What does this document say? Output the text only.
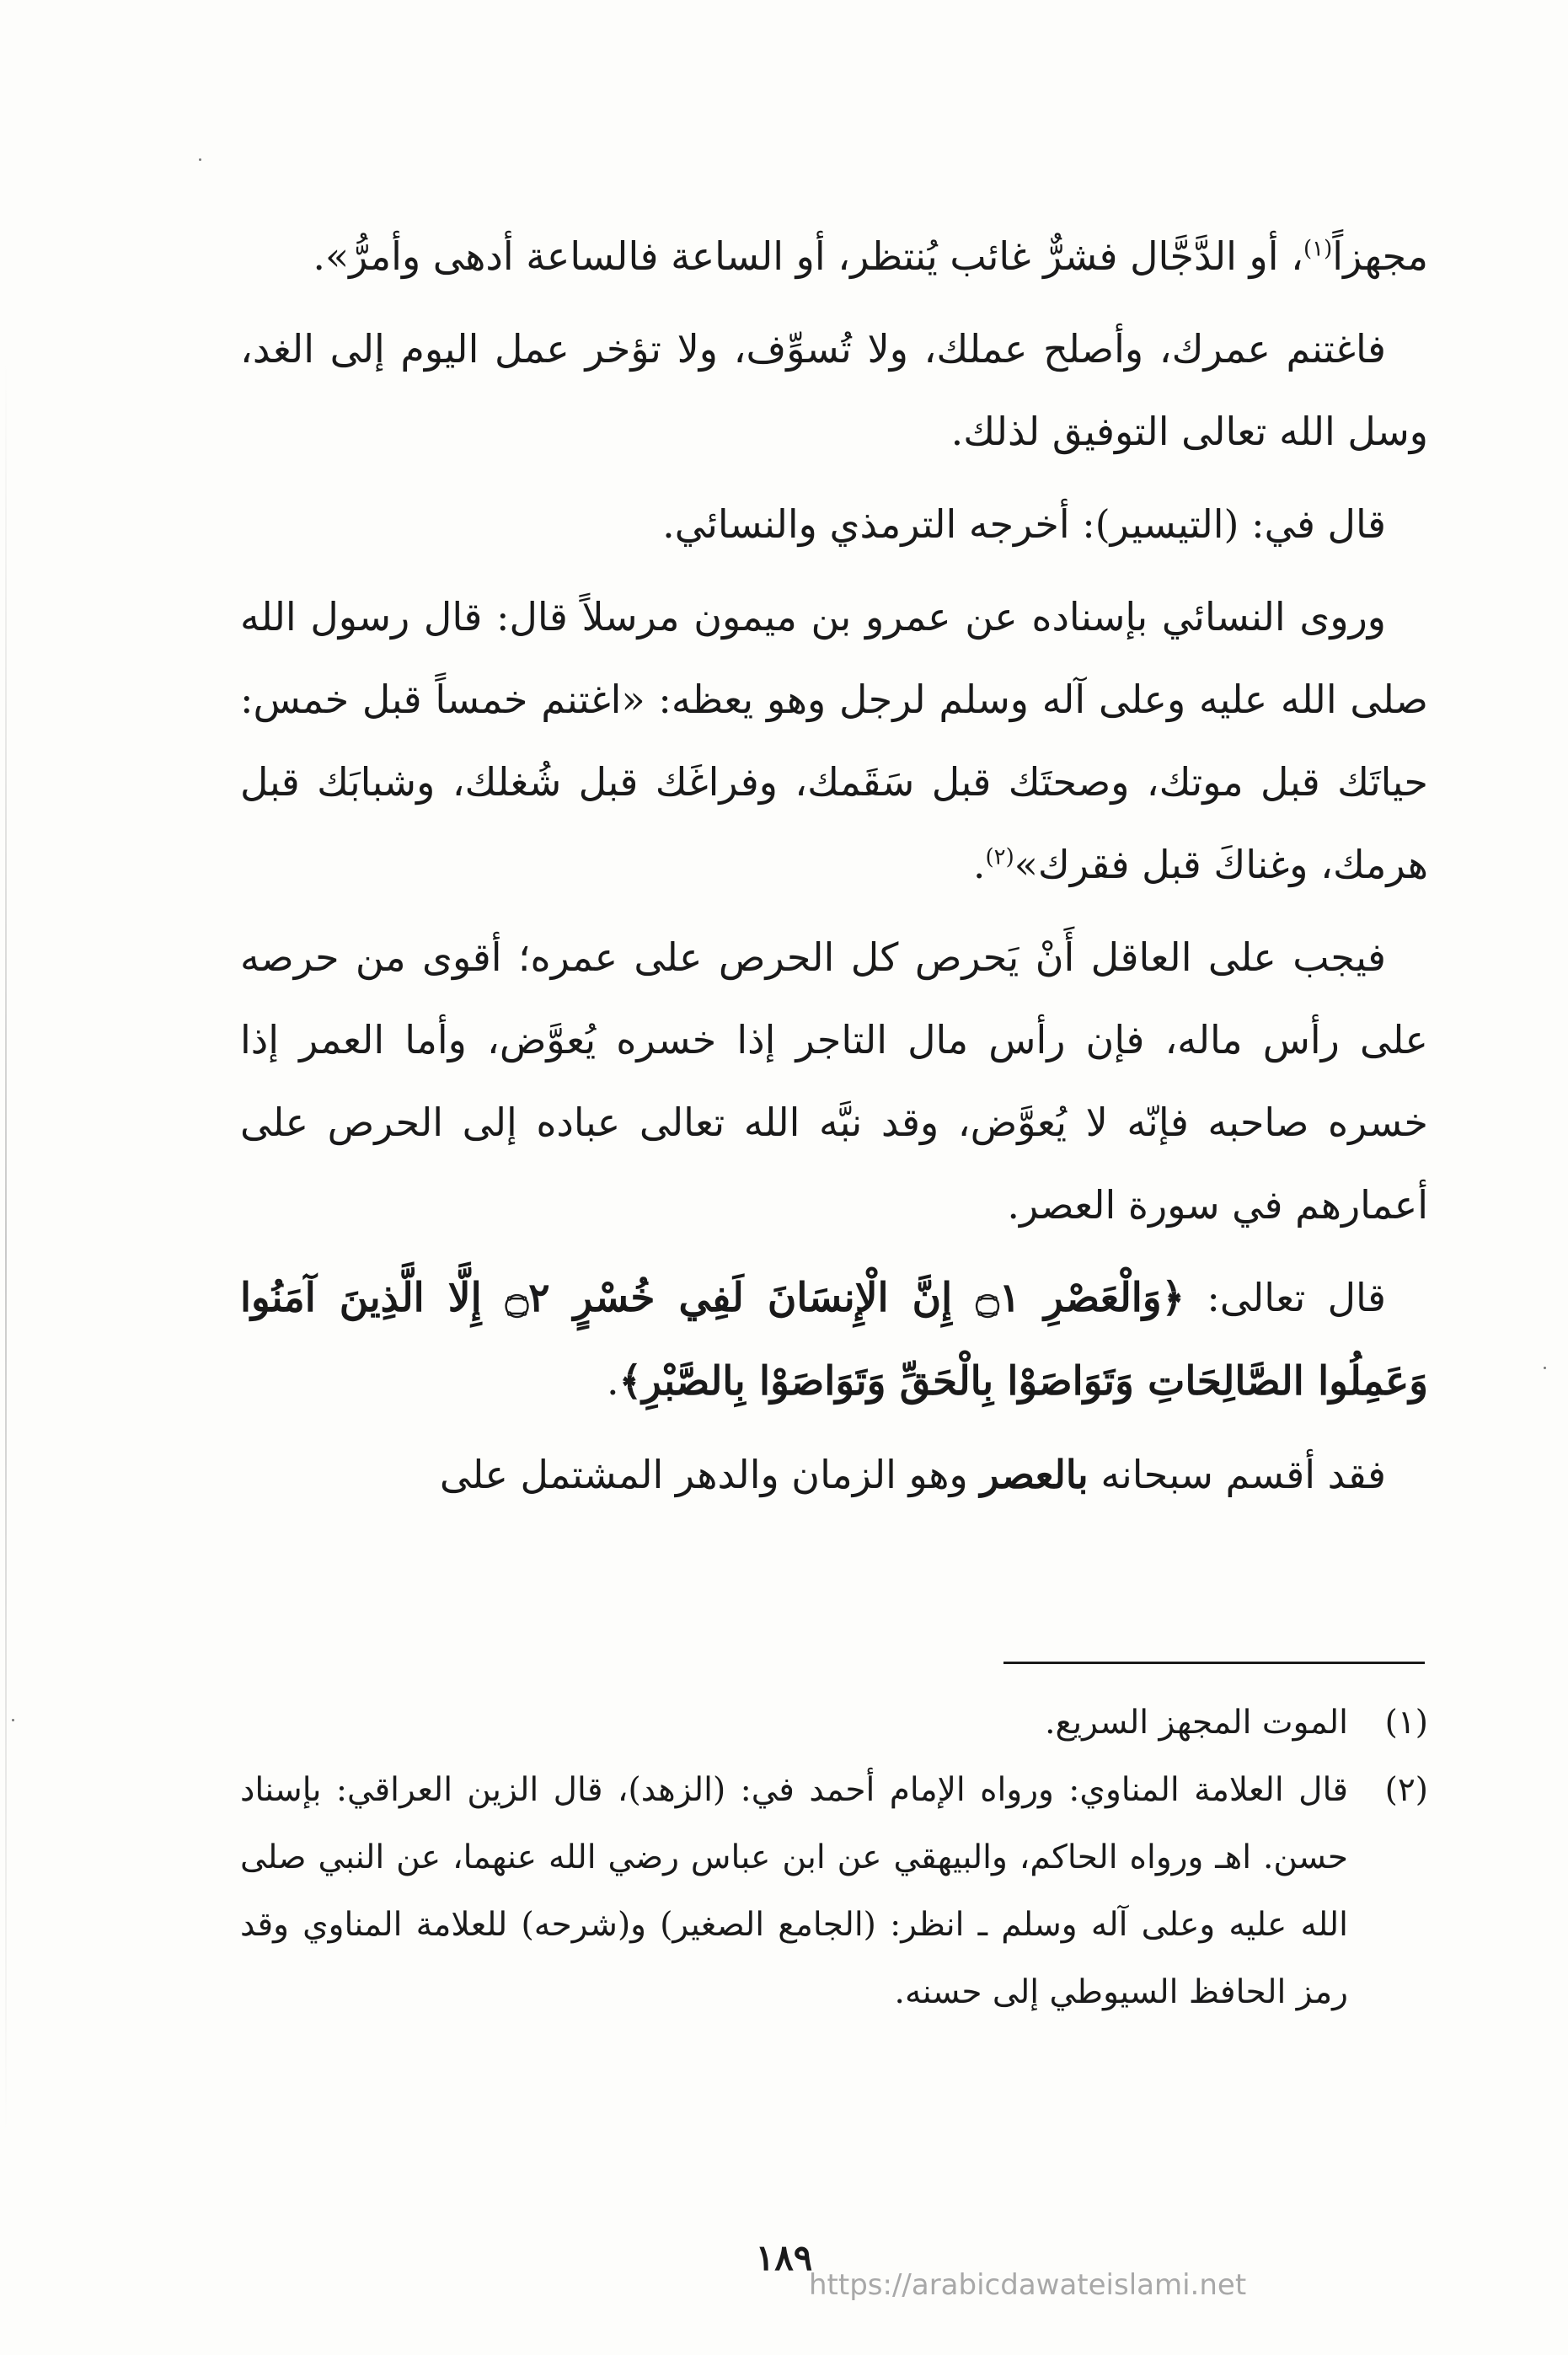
مجهزاً$^{(١)}$، أو الدَّجَّال فشرٌّ غائب يُنتظر، أو الساعة فالساعة أدهى وأمرُّ».

فاغتنم عمرك، وأصلح عملك، ولا تُسوِّف، ولا تؤخر عمل اليوم إلى الغد، وسل الله تعالى التوفيق لذلك.

قال في: (التيسير): أخرجه الترمذي والنسائي.

وروى النسائي بإسناده عن عمرو بن ميمون مرسلاً قال: قال رسول الله صلى الله عليه وعلى آله وسلم لرجل وهو يعظه: «اغتنم خمساً قبل خمس: حياتَك قبل موتك، وصحتَك قبل سَقَمك، وفراغَك قبل شُغلك، وشبابَك قبل هرمك، وغناكَ قبل فقرك»$^{(٢)}$.

فيجب على العاقل أَنْ يَحرص كل الحرص على عمره؛ أقوى من حرصه على رأس ماله، فإن رأس مال التاجر إذا خسره يُعوَّض، وأما العمر إذا خسره صاحبه فإنّه لا يُعوَّض، وقد نبَّه الله تعالى عباده إلى الحرص على أعمارهم في سورة العصر.

قال تعالى: ﴿وَالْعَصْرِ ۝١ إِنَّ الْإِنسَانَ لَفِي خُسْرٍ ۝٢ إِلَّا الَّذِينَ آمَنُوا وَعَمِلُوا الصَّالِحَاتِ وَتَوَاصَوْا بِالْحَقِّ وَتَوَاصَوْا بِالصَّبْرِ﴾.

فقد أقسم سبحانه بالعصر وهو الزمان والدهر المشتمل على

(١)
الموت المجهز السريع.
(٢)
قال العلامة المناوي: ورواه الإمام أحمد في: (الزهد)، قال الزين العراقي: بإسناد حسن. اهـ ورواه الحاكم، والبيهقي عن ابن عباس رضي الله عنهما، عن النبي صلى الله عليه وعلى آله وسلم ـ انظر: (الجامع الصغير) و(شرحه) للعلامة المناوي وقد رمز الحافظ السيوطي إلى حسنه.
١٨٩
https://arabicdawateislami.net
